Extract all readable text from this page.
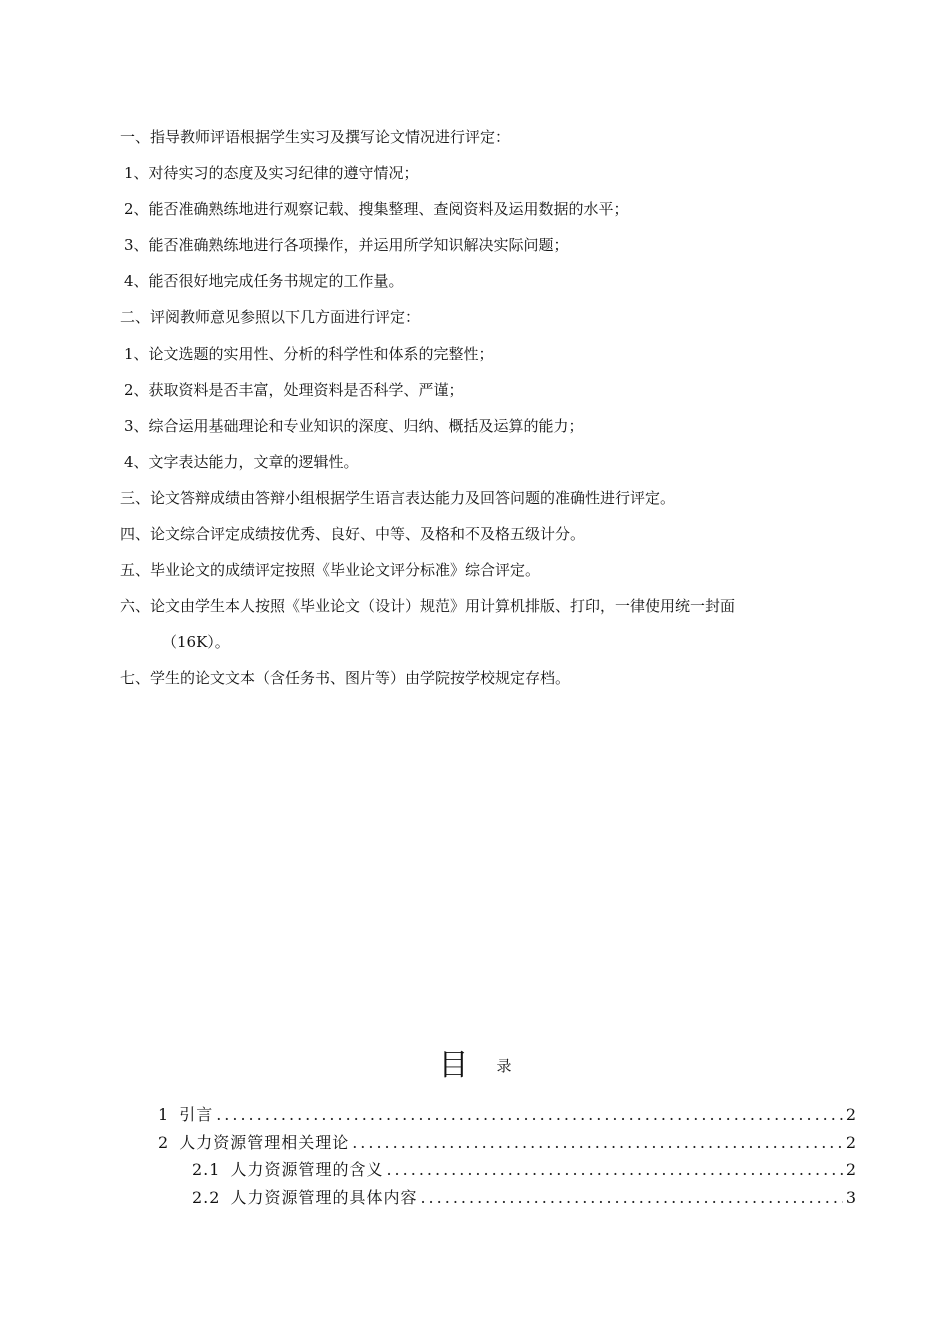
一、指导教师评语根据学生实习及撰写论文情况进行评定：
1、对待实习的态度及实习纪律的遵守情况；
2、能否准确熟练地进行观察记载、搜集整理、查阅资料及运用数据的水平；
3、能否准确熟练地进行各项操作，并运用所学知识解决实际问题；
4、能否很好地完成任务书规定的工作量。
二、评阅教师意见参照以下几方面进行评定：
1、论文选题的实用性、分析的科学性和体系的完整性；
2、获取资料是否丰富，处理资料是否科学、严谨；
3、综合运用基础理论和专业知识的深度、归纳、概括及运算的能力；
4、文字表达能力，文章的逻辑性。
三、论文答辩成绩由答辩小组根据学生语言表达能力及回答问题的准确性进行评定。
四、论文综合评定成绩按优秀、良好、中等、及格和不及格五级计分。
五、毕业论文的成绩评定按照《毕业论文评分标准》综合评定。
六、论文由学生本人按照《毕业论文（设计）规范》用计算机排版、打印，一律使用统一封面
（16K）。
七、学生的论文文本（含任务书、图片等）由学院按学校规定存档。
目 录
1 引言 .....	2
2 人力资源管理相关理论 .....	2
2.1 人力资源管理的含义 .....	2
2.2 人力资源管理的具体内容 .....	3
